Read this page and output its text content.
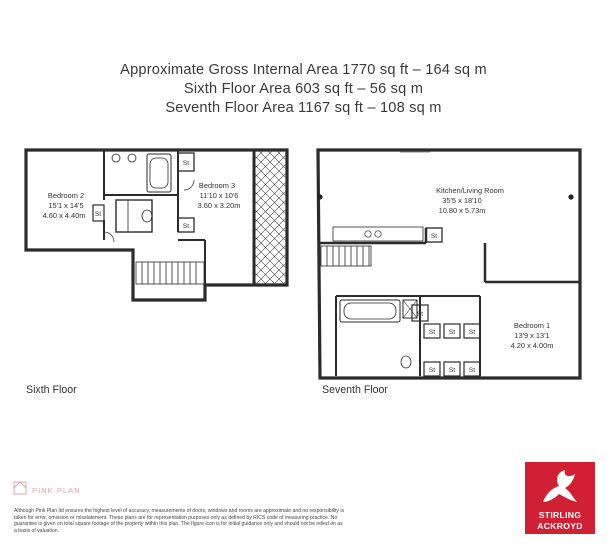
Approximate Gross Internal Area 1770 sq ft – 164 sq m
Sixth Floor Area 603 sq ft – 56 sq m
Seventh Floor Area 1167 sq ft – 108 sq m
Bedroom 2
15'1 x 14'5
4.60 x 4.40m
Bedroom 3
11'10 x 10'6
3.60 x 3.20m
St
St
St
Kitchen/Living Room
35'5 x 18'10
10.80 x 5.73m
Bedroom 1
13'9 x 13'1
4.20 x 4.00m
St
St
St St St
St St St
Sixth Floor	Seventh Floor
PINK PLAN
Although Pink Plan ltd ensures the highest level of accuracy, measurements of doors, windows and rooms are approximate and no responsibility is taken for error, omission or misstatement. These plans are for representation purposes only as defined by RICS code of measuring practice. No guarantee is given on total square footage of the property within this plan. The figure icon is for initial guidance only and should not be relied on as a basis of valuation.
STIRLING
ACKROYD
